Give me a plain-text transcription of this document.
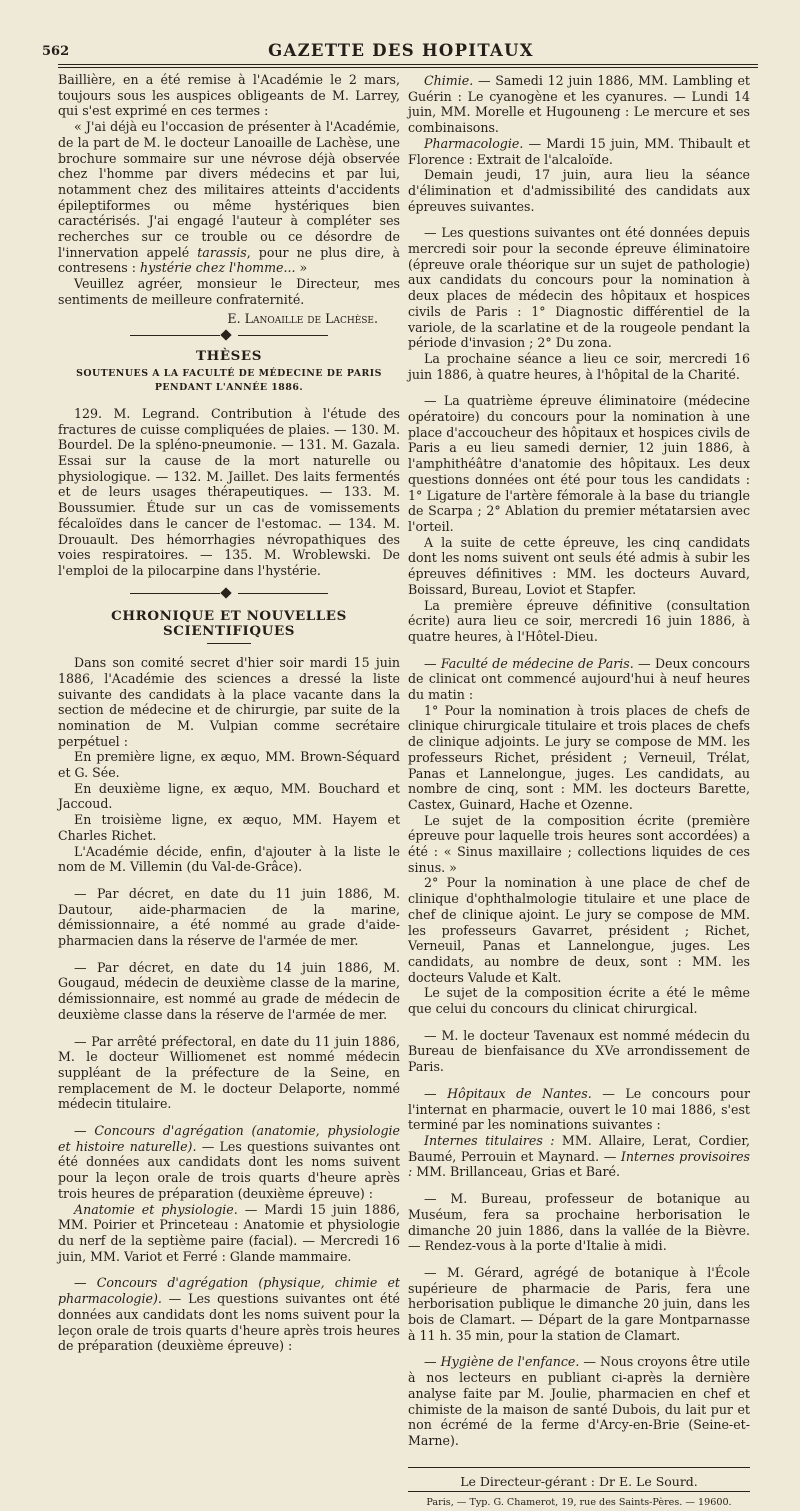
562	GAZETTE DES HOPITAUX

Baillière, en a été remise à l'Académie le 2 mars, toujours sous les auspices obligeants de M. Larrey, qui s'est exprimé en ces termes :

« J'ai déjà eu l'occasion de présenter à l'Académie, de la part de M. le docteur Lanoaille de Lachèse, une brochure sommaire sur une névrose déjà observée chez l'homme par divers médecins et par lui, notamment chez des militaires atteints d'accidents épileptiformes ou même hystériques bien caractérisés. J'ai engagé l'auteur à compléter ses recherches sur ce trouble ou ce désordre de l'innervation appelé tarassis, pour ne plus dire, à contresens : hystérie chez l'homme... »

Veuillez agréer, monsieur le Directeur, mes sentiments de meilleure confraternité.

E. Lanoaille de Lachèse.

THÈSES
SOUTENUES A LA FACULTÉ DE MÉDECINE DE PARIS
PENDANT L'ANNÉE 1886.

129. M. Legrand. Contribution à l'étude des fractures de cuisse compliquées de plaies. — 130. M. Bourdel. De la spléno-pneumonie. — 131. M. Gazala. Essai sur la cause de la mort naturelle ou physiologique. — 132. M. Jaillet. Des laits fermentés et de leurs usages thérapeutiques. — 133. M. Boussumier. Étude sur un cas de vomissements fécaloïdes dans le cancer de l'estomac. — 134. M. Drouault. Des hémorrhagies névropathiques des voies respiratoires. — 135. M. Wroblewski. De l'emploi de la pilocarpine dans l'hystérie.

CHRONIQUE ET NOUVELLES SCIENTIFIQUES

Dans son comité secret d'hier soir mardi 15 juin 1886, l'Académie des sciences a dressé la liste suivante des candidats à la place vacante dans la section de médecine et de chirurgie, par suite de la nomination de M. Vulpian comme secrétaire perpétuel :

En première ligne, ex æquo, MM. Brown-Séquard et G. Sée.

En deuxième ligne, ex æquo, MM. Bouchard et Jaccoud.

En troisième ligne, ex æquo, MM. Hayem et Charles Richet.

L'Académie décide, enfin, d'ajouter à la liste le nom de M. Villemin (du Val-de-Grâce).

— Par décret, en date du 11 juin 1886, M. Dautour, aide-pharmacien de la marine, démissionnaire, a été nommé au grade d'aide-pharmacien dans la réserve de l'armée de mer.

— Par décret, en date du 14 juin 1886, M. Gougaud, médecin de deuxième classe de la marine, démissionnaire, est nommé au grade de médecin de deuxième classe dans la réserve de l'armée de mer.

— Par arrêté préfectoral, en date du 11 juin 1886, M. le docteur Williomenet est nommé médecin suppléant de la préfecture de la Seine, en remplacement de M. le docteur Delaporte, nommé médecin titulaire.

— Concours d'agrégation (anatomie, physiologie et histoire naturelle). — Les questions suivantes ont été données aux candidats dont les noms suivent pour la leçon orale de trois quarts d'heure après trois heures de préparation (deuxième épreuve) :

Anatomie et physiologie. — Mardi 15 juin 1886, MM. Poirier et Princeteau : Anatomie et physiologie du nerf de la septième paire (facial). — Mercredi 16 juin, MM. Variot et Ferré : Glande mammaire.

— Concours d'agrégation (physique, chimie et pharmacologie). — Les questions suivantes ont été données aux candidats dont les noms suivent pour la leçon orale de trois quarts d'heure après trois heures de préparation (deuxième épreuve) :

Chimie. — Samedi 12 juin 1886, MM. Lambling et Guérin : Le cyanogène et les cyanures. — Lundi 14 juin, MM. Morelle et Hugouneng : Le mercure et ses combinaisons.

Pharmacologie. — Mardi 15 juin, MM. Thibault et Florence : Extrait de l'alcaloïde.

Demain jeudi, 17 juin, aura lieu la séance d'élimination et d'admissibilité des candidats aux épreuves suivantes.

— Les questions suivantes ont été données depuis mercredi soir pour la seconde épreuve éliminatoire (épreuve orale théorique sur un sujet de pathologie) aux candidats du concours pour la nomination à deux places de médecin des hôpitaux et hospices civils de Paris : 1° Diagnostic différentiel de la variole, de la scarlatine et de la rougeole pendant la période d'invasion ; 2° Du zona.

La prochaine séance a lieu ce soir, mercredi 16 juin 1886, à quatre heures, à l'hôpital de la Charité.

— La quatrième épreuve éliminatoire (médecine opératoire) du concours pour la nomination à une place d'accoucheur des hôpitaux et hospices civils de Paris a eu lieu samedi dernier, 12 juin 1886, à l'amphithéâtre d'anatomie des hôpitaux. Les deux questions données ont été pour tous les candidats : 1° Ligature de l'artère fémorale à la base du triangle de Scarpa ; 2° Ablation du premier métatarsien avec l'orteil.

A la suite de cette épreuve, les cinq candidats dont les noms suivent ont seuls été admis à subir les épreuves définitives : MM. les docteurs Auvard, Boissard, Bureau, Loviot et Stapfer.

La première épreuve définitive (consultation écrite) aura lieu ce soir, mercredi 16 juin 1886, à quatre heures, à l'Hôtel-Dieu.

— Faculté de médecine de Paris. — Deux concours de clinicat ont commencé aujourd'hui à neuf heures du matin :

1° Pour la nomination à trois places de chefs de clinique chirurgicale titulaire et trois places de chefs de clinique adjoints. Le jury se compose de MM. les professeurs Richet, président ; Verneuil, Trélat, Panas et Lannelongue, juges. Les candidats, au nombre de cinq, sont : MM. les docteurs Barette, Castex, Guinard, Hache et Ozenne.

Le sujet de la composition écrite (première épreuve pour laquelle trois heures sont accordées) a été : « Sinus maxillaire ; collections liquides de ces sinus. »

2° Pour la nomination à une place de chef de clinique d'ophthalmologie titulaire et une place de chef de clinique ajoint. Le jury se compose de MM. les professeurs Gavarret, président ; Richet, Verneuil, Panas et Lannelongue, juges. Les candidats, au nombre de deux, sont : MM. les docteurs Valude et Kalt.

Le sujet de la composition écrite a été le même que celui du concours du clinicat chirurgical.

— M. le docteur Tavenaux est nommé médecin du Bureau de bienfaisance du XVe arrondissement de Paris.

— Hôpitaux de Nantes. — Le concours pour l'internat en pharmacie, ouvert le 10 mai 1886, s'est terminé par les nominations suivantes :

Internes titulaires : MM. Allaire, Lerat, Cordier, Baumé, Perrouin et Maynard. — Internes provisoires : MM. Brillanceau, Grias et Baré.

— M. Bureau, professeur de botanique au Muséum, fera sa prochaine herborisation le dimanche 20 juin 1886, dans la vallée de la Bièvre. — Rendez-vous à la porte d'Italie à midi.

— M. Gérard, agrégé de botanique à l'École supérieure de pharmacie de Paris, fera une herborisation publique le dimanche 20 juin, dans les bois de Clamart. — Départ de la gare Montparnasse à 11 h. 35 min, pour la station de Clamart.

— Hygiène de l'enfance. — Nous croyons être utile à nos lecteurs en publiant ci-après la dernière analyse faite par M. Joulie, pharmacien en chef et chimiste de la maison de santé Dubois, du lait pur et non écrémé de la ferme d'Arcy-en-Brie (Seine-et-Marne).

Le Directeur-gérant : Dr E. Le Sourd.

Paris, — Typ. G. Chamerot, 19, rue des Saints-Pères. — 19600.
